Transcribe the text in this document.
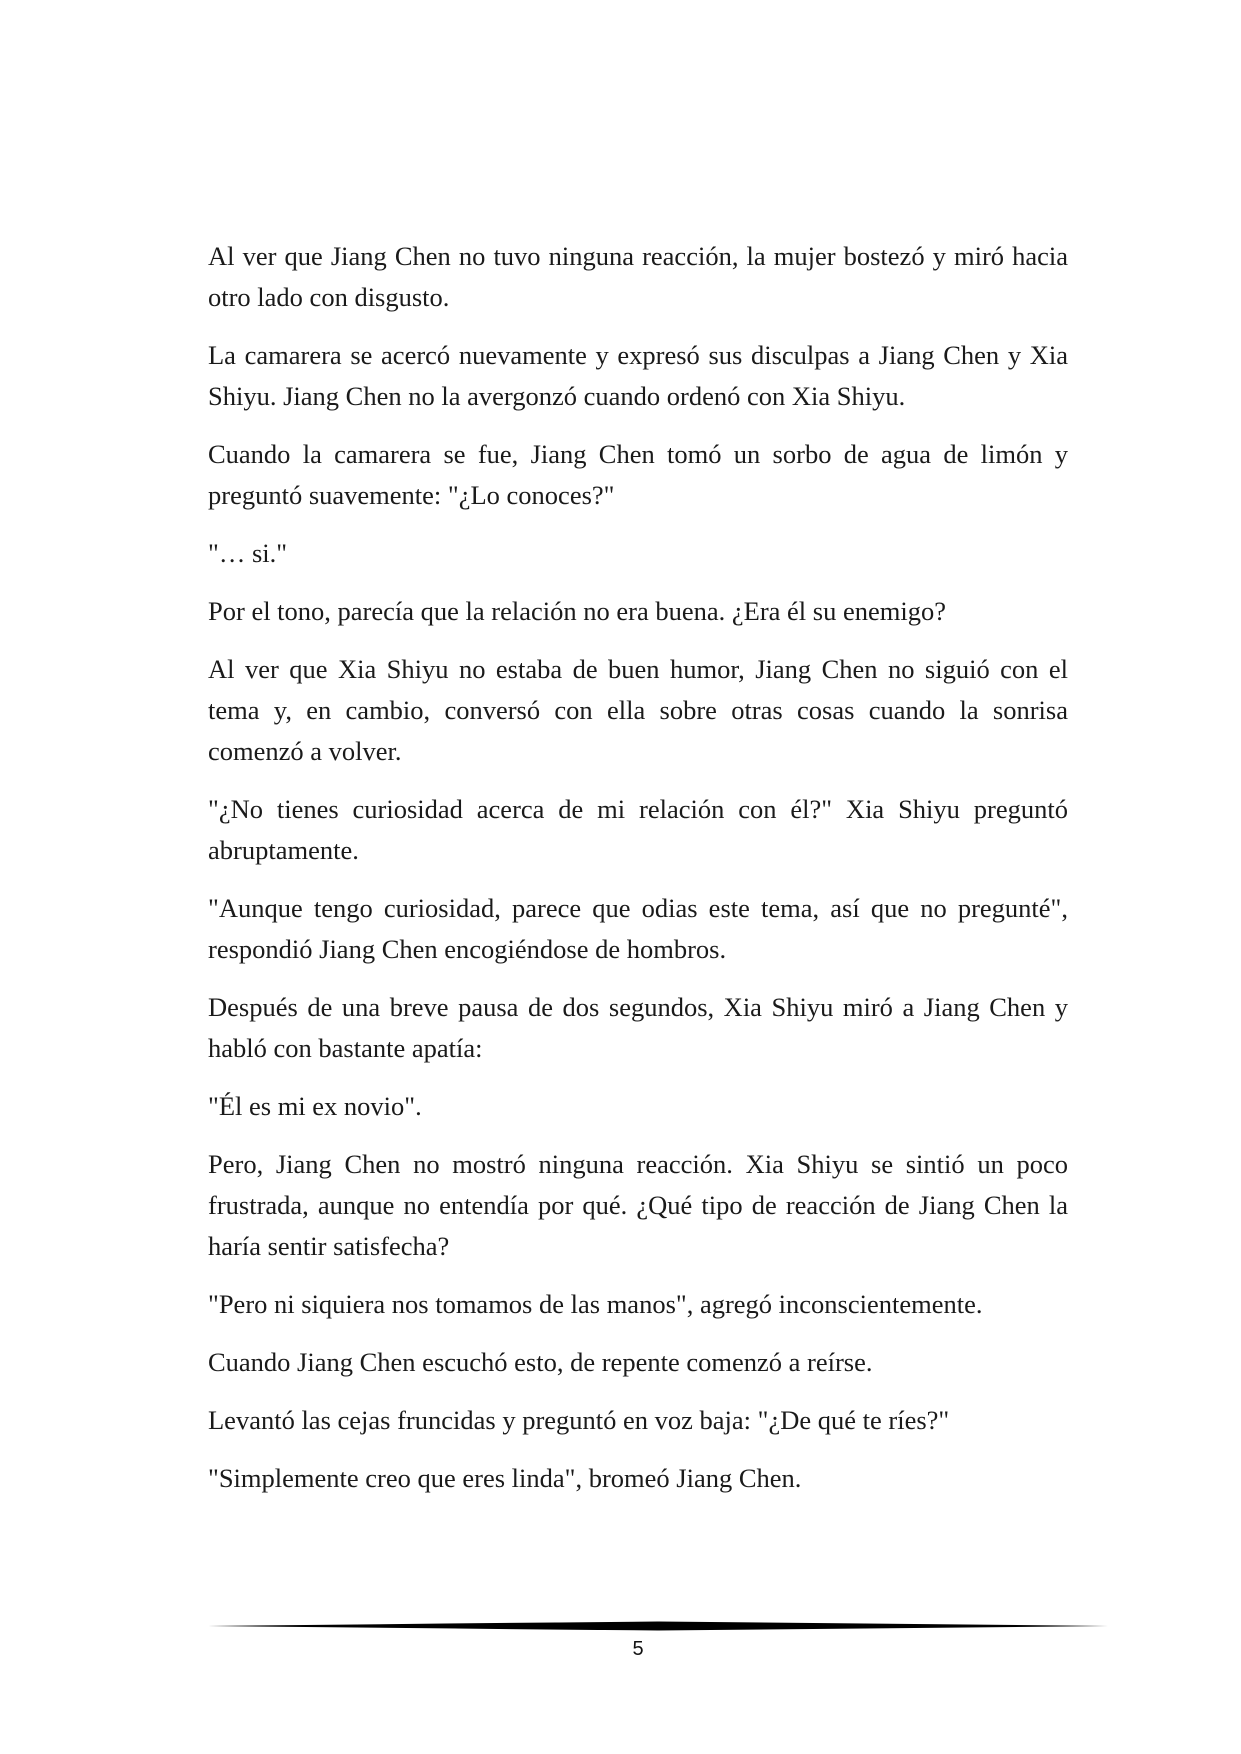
Al ver que Jiang Chen no tuvo ninguna reacción, la mujer bostezó y miró hacia otro lado con disgusto.

La camarera se acercó nuevamente y expresó sus disculpas a Jiang Chen y Xia Shiyu. Jiang Chen no la avergonzó cuando ordenó con Xia Shiyu.

Cuando la camarera se fue, Jiang Chen tomó un sorbo de agua de limón y preguntó suavemente: "¿Lo conoces?"

"… si."

Por el tono, parecía que la relación no era buena. ¿Era él su enemigo?

Al ver que Xia Shiyu no estaba de buen humor, Jiang Chen no siguió con el tema y, en cambio, conversó con ella sobre otras cosas cuando la sonrisa comenzó a volver.

"¿No tienes curiosidad acerca de mi relación con él?" Xia Shiyu preguntó abruptamente.

"Aunque tengo curiosidad, parece que odias este tema, así que no pregunté", respondió Jiang Chen encogiéndose de hombros.

Después de una breve pausa de dos segundos, Xia Shiyu miró a Jiang Chen y habló con bastante apatía:

"Él es mi ex novio".

Pero, Jiang Chen no mostró ninguna reacción. Xia Shiyu se sintió un poco frustrada, aunque no entendía por qué. ¿Qué tipo de reacción de Jiang Chen la haría sentir satisfecha?

"Pero ni siquiera nos tomamos de las manos", agregó inconscientemente.

Cuando Jiang Chen escuchó esto, de repente comenzó a reírse.

Levantó las cejas fruncidas y preguntó en voz baja: "¿De qué te ríes?"

"Simplemente creo que eres linda", bromeó Jiang Chen.

5
